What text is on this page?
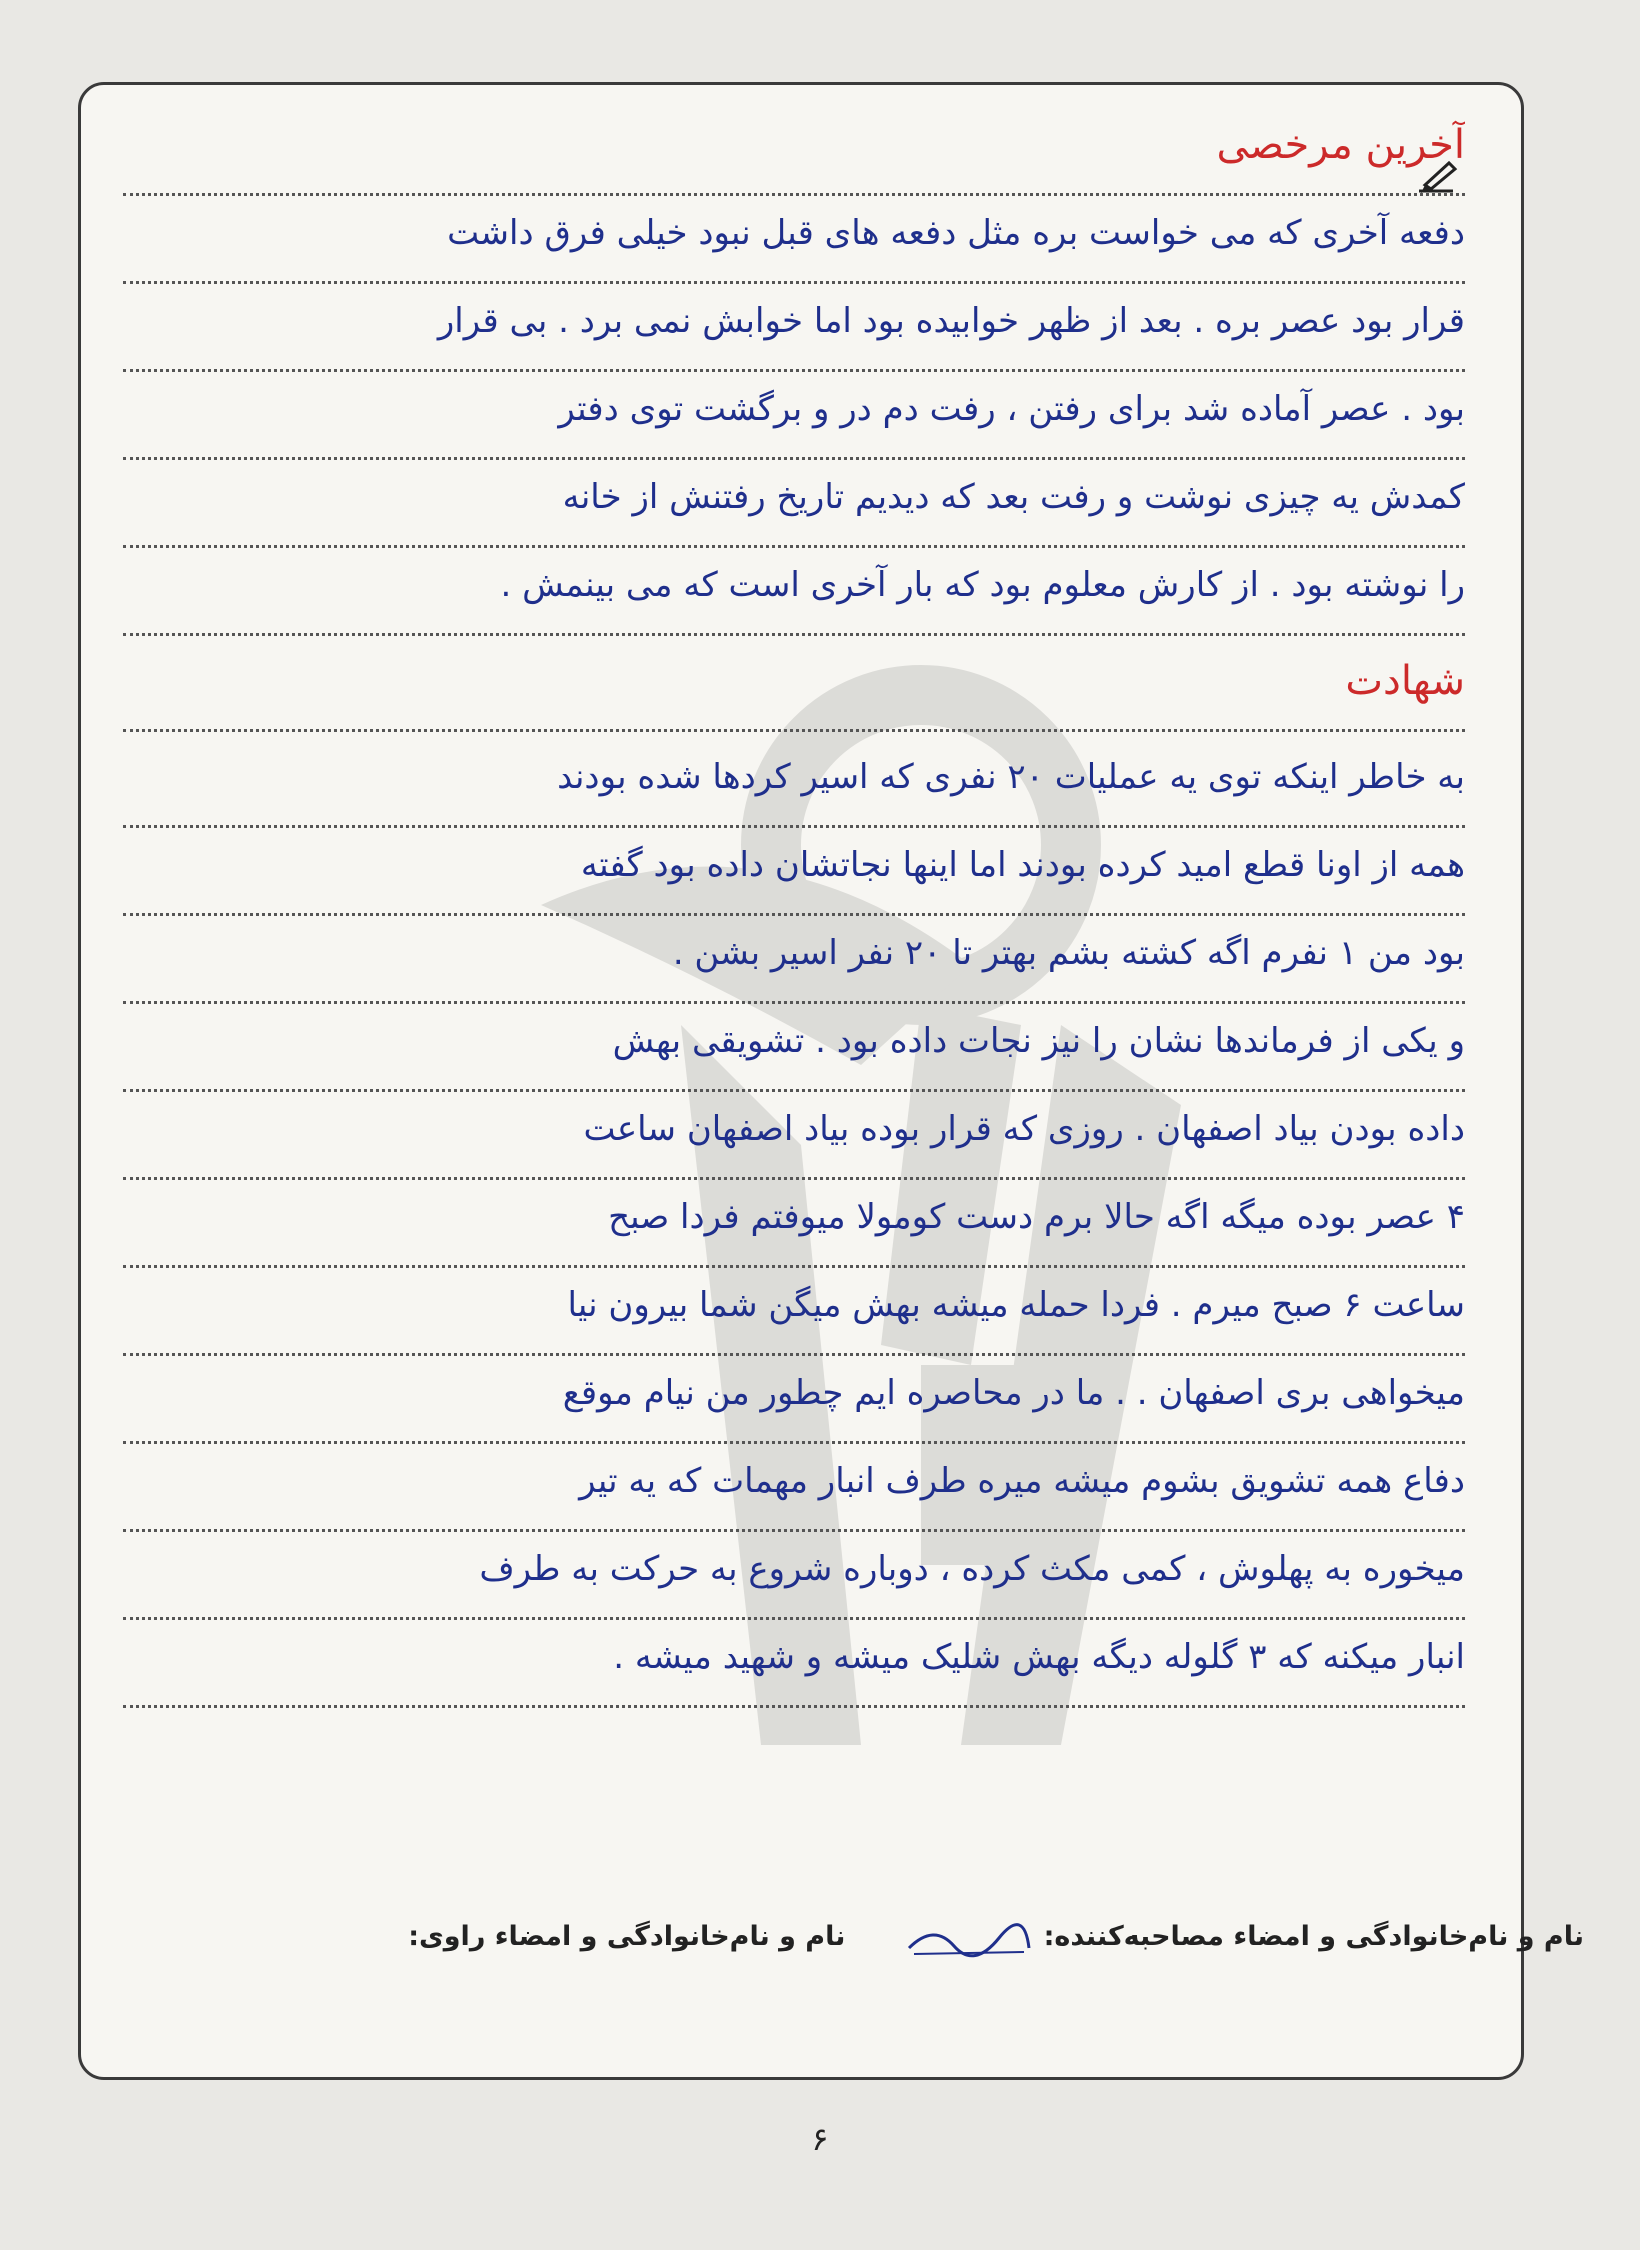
آخرین مرخصی
دفعه آخری که می خواست بره مثل دفعه های قبل نبود خیلی فرق داشت
قرار بود عصر بره . بعد از ظهر خوابیده بود اما خوابش نمی برد . بی قرار
بود . عصر آماده شد برای رفتن ، رفت دم در و برگشت توی دفتر
کمدش یه چیزی نوشت و رفت بعد که دیدیم تاریخ رفتنش از خانه
را نوشته بود . از کارش معلوم بود که بار آخری است که می بینمش .
شهادت
به خاطر اینکه توی یه عملیات ۲۰ نفری که اسیر کردها شده بودند
همه از اونا قطع امید کرده بودند اما اینها نجاتشان داده بود گفته
بود من ۱ نفرم اگه کشته بشم بهتر تا ۲۰ نفر اسیر بشن .
و یکی از فرماندها نشان را نیز نجات داده بود . تشویقی بهش
داده بودن بیاد اصفهان . روزی که قرار بوده بیاد اصفهان ساعت
۴ عصر بوده میگه اگه حالا برم دست کومولا میوفتم فردا صبح
ساعت ۶ صبح میرم . فردا حمله میشه بهش میگن شما بیرون نیا
میخواهی بری اصفهان . . ما در محاصره ایم چطور من نیام موقع
دفاع همه تشویق بشوم میشه میره طرف انبار مهمات که یه تیر
میخوره به پهلوش ، کمی مکث کرده ، دوباره شروع به حرکت به طرف
انبار میکنه که ۳ گلوله دیگه بهش شلیک میشه و شهید میشه .
نام و نام‌خانوادگی و امضاء مصاحبه‌کننده:   نام و نام‌خانوادگی و امضاء راوی:
۶
